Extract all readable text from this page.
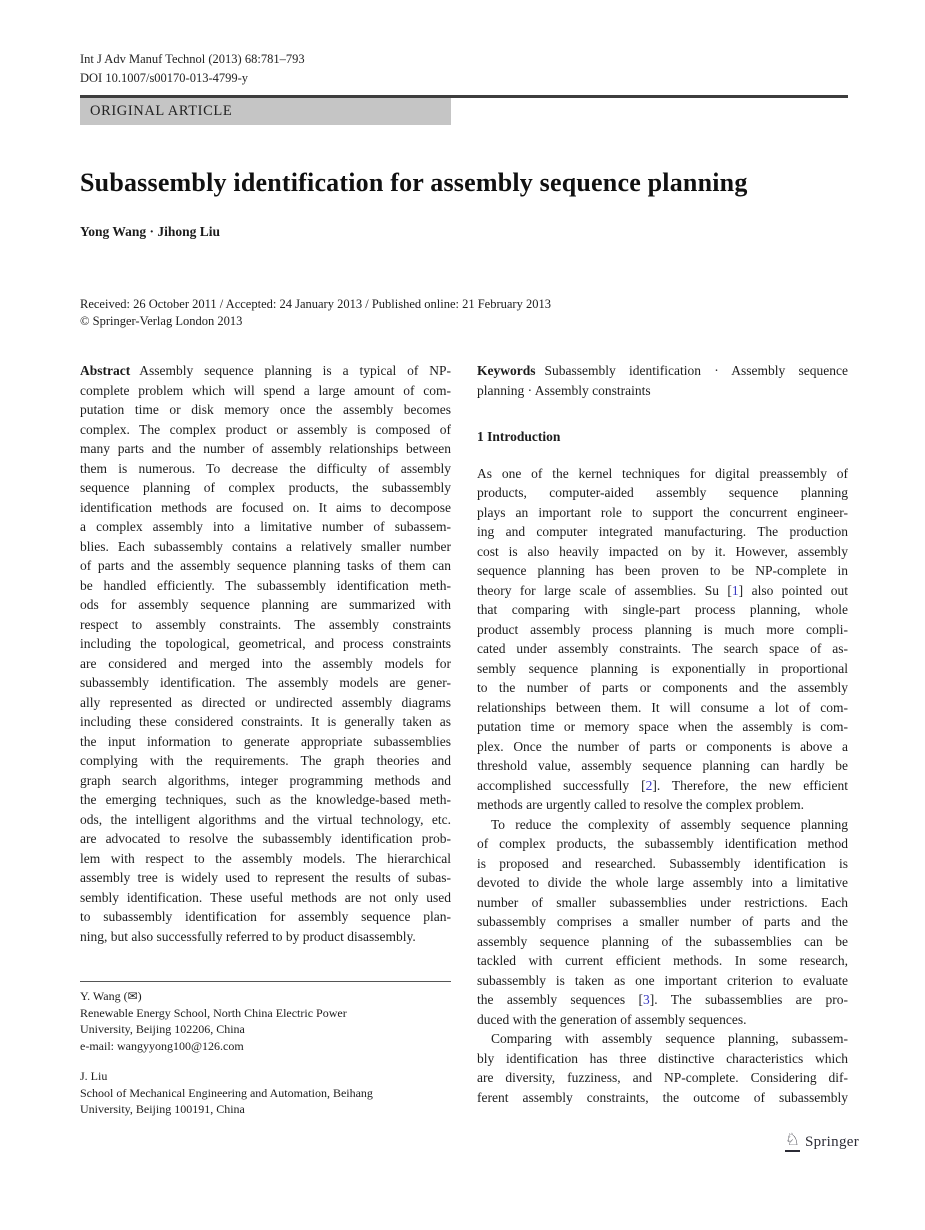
Int J Adv Manuf Technol (2013) 68:781–793
DOI 10.1007/s00170-013-4799-y
ORIGINAL ARTICLE
Subassembly identification for assembly sequence planning
Yong Wang · Jihong Liu
Received: 26 October 2011 / Accepted: 24 January 2013 / Published online: 21 February 2013
© Springer-Verlag London 2013
Abstract Assembly sequence planning is a typical of NP-
complete problem which will spend a large amount of com-
putation time or disk memory once the assembly becomes
complex. The complex product or assembly is composed of
many parts and the number of assembly relationships between
them is numerous. To decrease the difficulty of assembly
sequence planning of complex products, the subassembly
identification methods are focused on. It aims to decompose
a complex assembly into a limitative number of subassem-
blies. Each subassembly contains a relatively smaller number
of parts and the assembly sequence planning tasks of them can
be handled efficiently. The subassembly identification meth-
ods for assembly sequence planning are summarized with
respect to assembly constraints. The assembly constraints
including the topological, geometrical, and process constraints
are considered and merged into the assembly models for
subassembly identification. The assembly models are gener-
ally represented as directed or undirected assembly diagrams
including these considered constraints. It is generally taken as
the input information to generate appropriate subassemblies
complying with the requirements. The graph theories and
graph search algorithms, integer programming methods and
the emerging techniques, such as the knowledge-based meth-
ods, the intelligent algorithms and the virtual technology, etc.
are advocated to resolve the subassembly identification prob-
lem with respect to the assembly models. The hierarchical
assembly tree is widely used to represent the results of subas-
sembly identification. These useful methods are not only used
to subassembly identification for assembly sequence plan-
ning, but also successfully referred to by product disassembly.
Y. Wang (✉)
Renewable Energy School, North China Electric Power
University, Beijing 102206, China
e-mail: wangyyong100@126.com
J. Liu
School of Mechanical Engineering and Automation, Beihang
University, Beijing 100191, China
Keywords Subassembly identification · Assembly sequence
planning · Assembly constraints
1 Introduction
As one of the kernel techniques for digital preassembly of
products, computer-aided assembly sequence planning
plays an important role to support the concurrent engineer-
ing and computer integrated manufacturing. The production
cost is also heavily impacted on by it. However, assembly
sequence planning has been proven to be NP-complete in
theory for large scale of assemblies. Su [1] also pointed out
that comparing with single-part process planning, whole
product assembly process planning is much more compli-
cated under assembly constraints. The search space of as-
sembly sequence planning is exponentially in proportional
to the number of parts or components and the assembly
relationships between them. It will consume a lot of com-
putation time or memory space when the assembly is com-
plex. Once the number of parts or components is above a
threshold value, assembly sequence planning can hardly be
accomplished successfully [2]. Therefore, the new efficient
methods are urgently called to resolve the complex problem.
To reduce the complexity of assembly sequence planning
of complex products, the subassembly identification method
is proposed and researched. Subassembly identification is
devoted to divide the whole large assembly into a limitative
number of smaller subassemblies under restrictions. Each
subassembly comprises a smaller number of parts and the
assembly sequence planning of the subassemblies can be
tackled with current efficient methods. In some research,
subassembly is taken as one important criterion to evaluate
the assembly sequences [3]. The subassemblies are pro-
duced with the generation of assembly sequences.
Comparing with assembly sequence planning, subassem-
bly identification has three distinctive characteristics which
are diversity, fuzziness, and NP-complete. Considering dif-
ferent assembly constraints, the outcome of subassembly
♘ Springer
